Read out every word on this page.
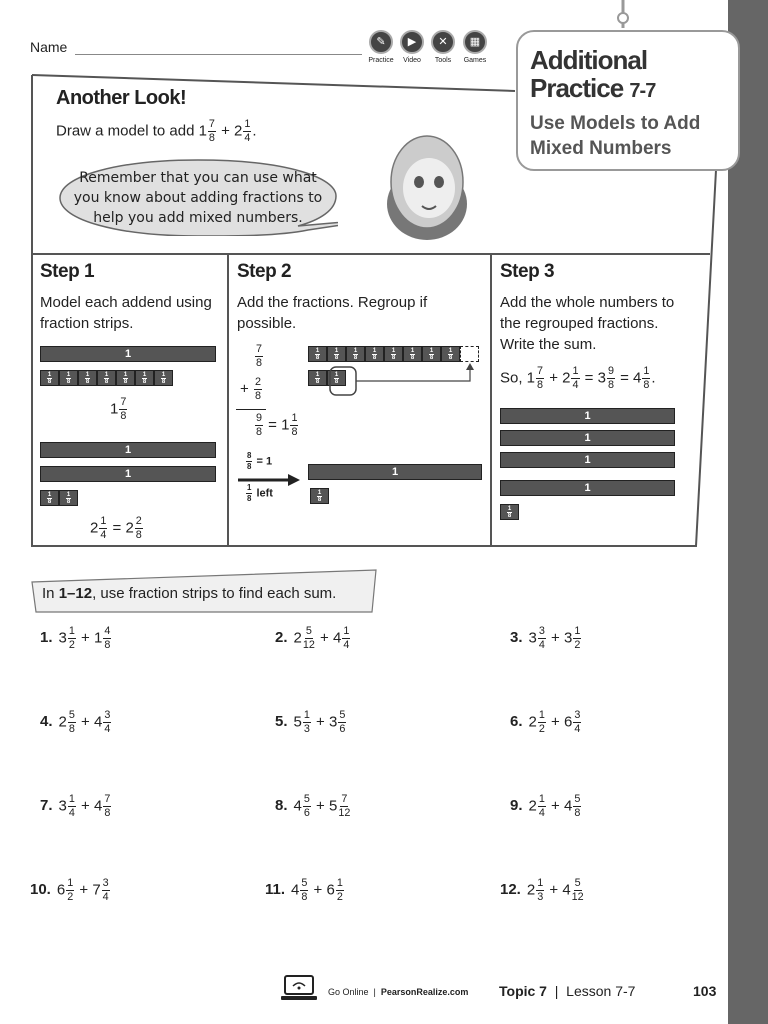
Name	✎
Practice
▶
Video
✕
Tools
▦
Games Additional
Practice 7-7
Use Models to Add
Mixed Numbers
Another Look!
Draw a model to add $1 \frac{7}{8} + 2 \frac{1}{4}$ .
Remember that you can use what you know about adding fractions to help you add mixed numbers.
Step 1
Model each addend using fraction strips.
1
1
8
1
8
1
8
1
8
1
8
1
8
1
8
$1 \frac{7}{8}$
1
1
1
8
1
8
$2 \frac{1}{4} = 2 \frac{2}{8}$
Step 2
Add the fractions. Regroup if possible.
$\frac{7}{8}$
+ $\frac{2}{8}$
$\frac{9}{8} = 1 \frac{1}{8}$
1
8
1
8
1
8
1
8
1
8
1
8
1
8
1
8
1
8
1
8
$\frac{8}{8} = 1$
$\frac{1}{8}$ left
1
1
8
Step 3
Add the whole numbers to the regrouped fractions. Write the sum.
So, $1 \frac{7}{8} + 2 \frac{1}{4} = 3 \frac{9}{8} = 4 \frac{1}{8}$ .
1
1
1
1
1
8
In 1–12, use fraction strips to find each sum.
1. $3 \frac{1}{2} + 1 \frac{4}{8}$	2. $2 \frac{5}{12} + 4 \frac{1}{4}$	3. $3 \frac{3}{4} + 3 \frac{1}{2}$
4. $2 \frac{5}{8} + 4 \frac{3}{4}$	5. $5 \frac{1}{3} + 3 \frac{5}{6}$	6. $2 \frac{1}{2} + 6 \frac{3}{4}$
7. $3 \frac{1}{4} + 4 \frac{7}{8}$	8. $4 \frac{5}{6} + 5 \frac{7}{12}$	9. $2 \frac{1}{4} + 4 \frac{5}{8}$
10. $6 \frac{1}{2} + 7 \frac{3}{4}$	11. $4 \frac{5}{8} + 6 \frac{1}{2}$	12. $2 \frac{1}{3} + 4 \frac{5}{12}$
Go Online  |  PearsonRealize.com Topic 7  |  Lesson 7-7	103
